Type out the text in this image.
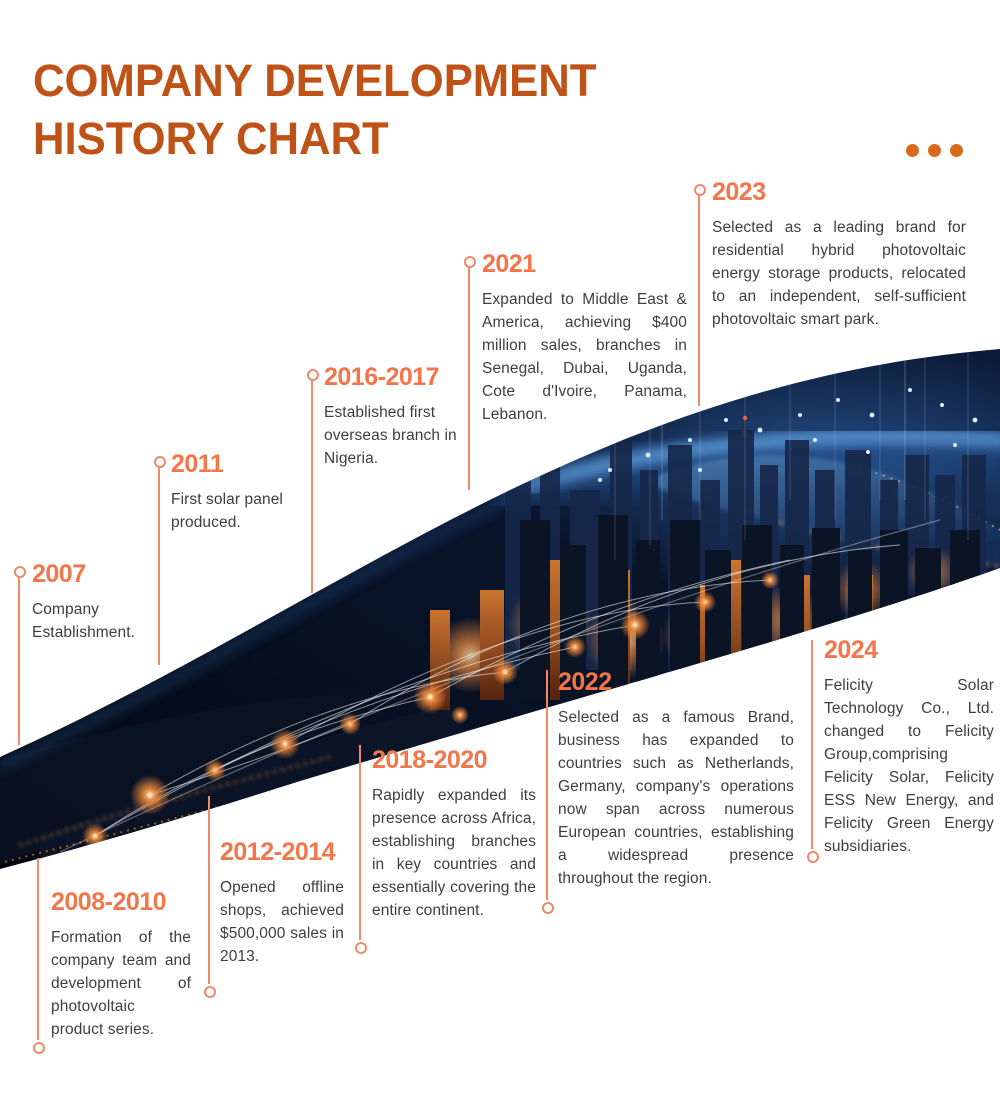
COMPANY DEVELOPMENT
HISTORY CHART

2007

Company Establishment.

2008-2010

Formation of the company team and development of photovoltaic product series.

2011

First solar panel produced.

2012-2014

Opened offline shops, achieved $500,000 sales in 2013.

2016-2017

Established first overseas branch in Nigeria.

2018-2020

Rapidly expanded its presence across Africa, establishing branches in key countries and essentially covering the entire continent.

2021

Expanded to Middle East & America, achieving $400 million sales, branches in Senegal, Dubai, Uganda, Cote d'Ivoire, Panama, Lebanon.

2022

Selected as a famous Brand, business has expanded to countries such as Netherlands, Germany, company's operations now span across numerous European countries, establishing a widespread presence throughout the region.

2023

Selected as a leading brand for residential hybrid photovoltaic energy storage products, relocated to an independent, self-sufficient photovoltaic smart park.

2024

Felicity Solar Technology Co., Ltd. changed to Felicity Group,comprising Felicity Solar, Felicity ESS New Energy, and Felicity Green Energy subsidiaries.
